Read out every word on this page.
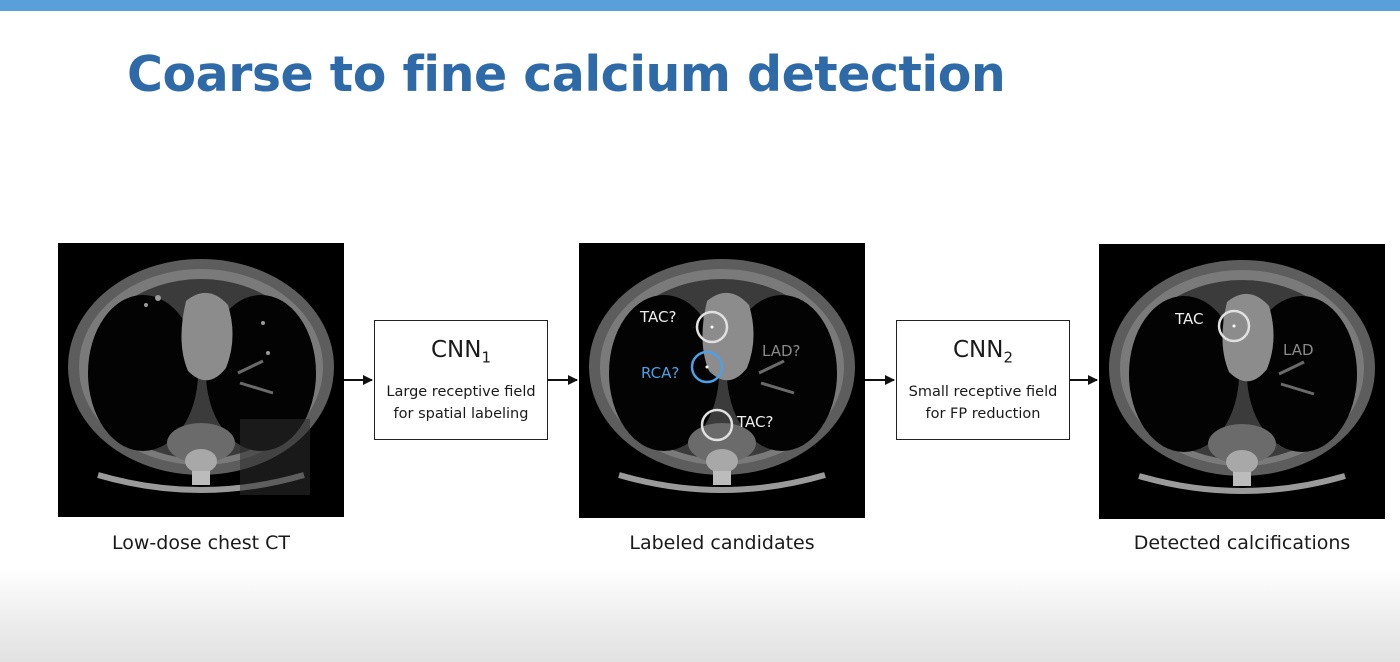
Coarse to fine calcium detection
TAC?
LAD?
RCA?
TAC?
TAC
LAD
$CNN_1$
Large receptive field
for spatial labeling
$CNN_2$
Small receptive field
for FP reduction
Low-dose chest CT	Labeled candidates	Detected calcifications
